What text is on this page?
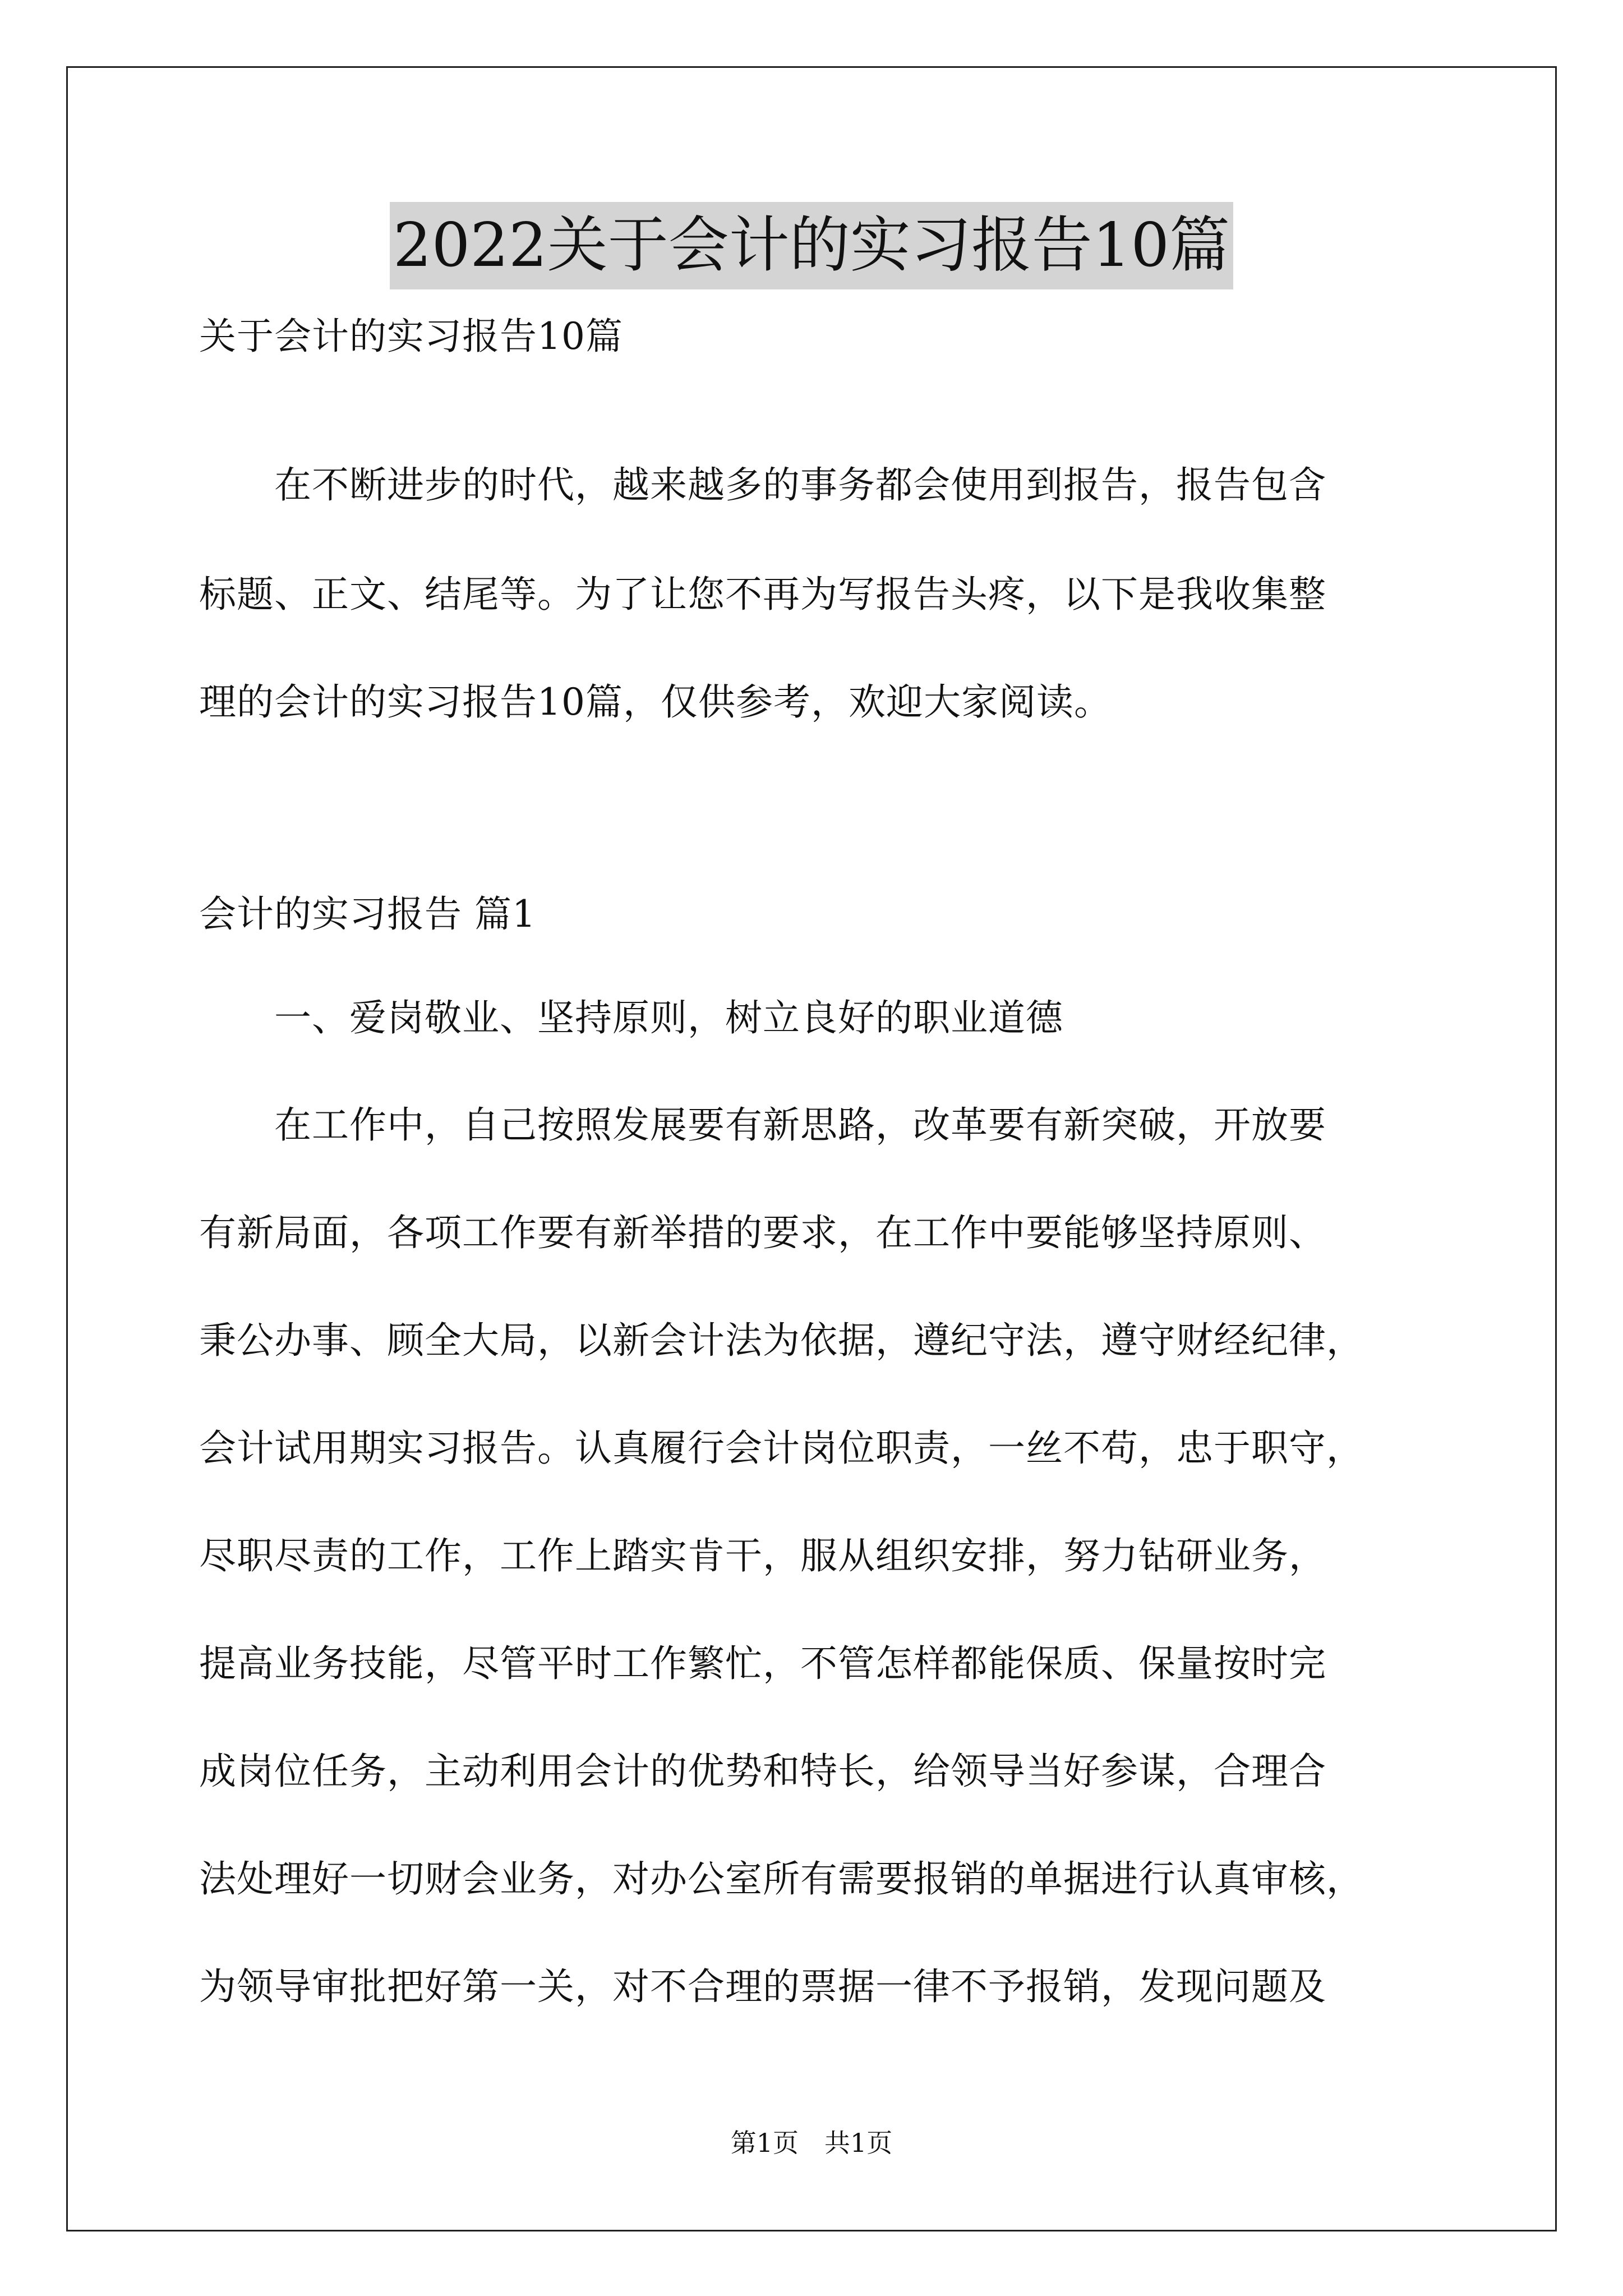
2022关于会计的实习报告10篇
关于会计的实习报告10篇
　　在不断进步的时代，越来越多的事务都会使用到报告，报告包含
标题、正文、结尾等。为了让您不再为写报告头疼，以下是我收集整
理的会计的实习报告10篇，仅供参考，欢迎大家阅读。
会计的实习报告 篇1
　　一、爱岗敬业、坚持原则，树立良好的职业道德
　　在工作中，自己按照发展要有新思路，改革要有新突破，开放要
有新局面，各项工作要有新举措的要求，在工作中要能够坚持原则、
秉公办事、顾全大局，以新会计法为依据，遵纪守法，遵守财经纪律，
会计试用期实习报告。认真履行会计岗位职责，一丝不苟，忠于职守，
尽职尽责的工作，工作上踏实肯干，服从组织安排，努力钻研业务，
提高业务技能，尽管平时工作繁忙，不管怎样都能保质、保量按时完
成岗位任务，主动利用会计的优势和特长，给领导当好参谋，合理合
法处理好一切财会业务，对办公室所有需要报销的单据进行认真审核，
为领导审批把好第一关，对不合理的票据一律不予报销，发现问题及
第1页　共1页
